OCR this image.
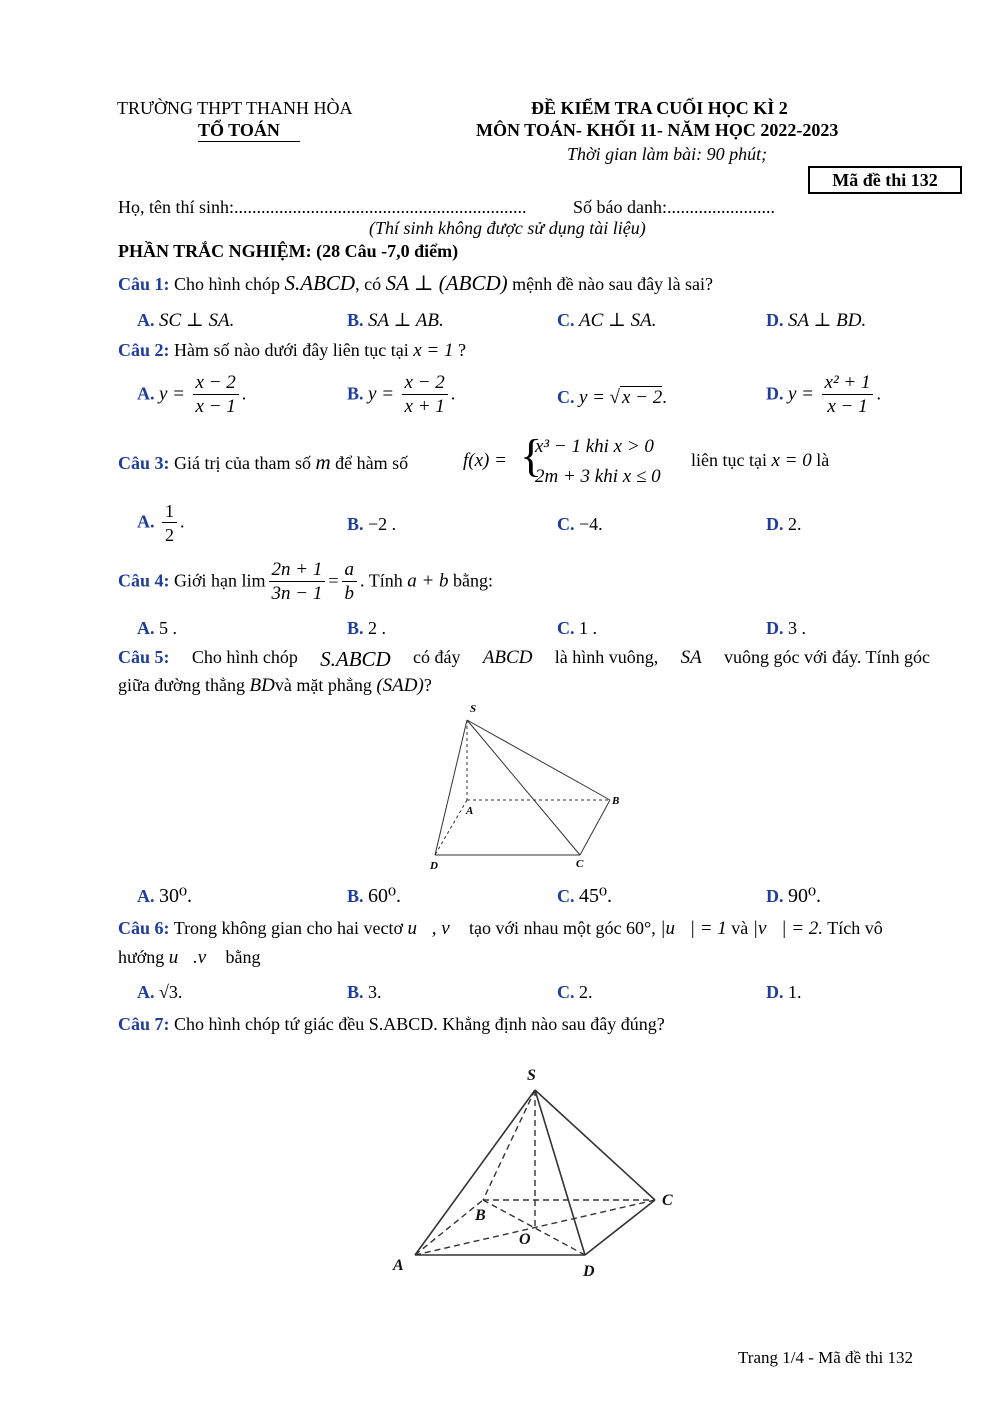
TRƯỜNG THPT THANH HÒA
TỔ TOÁN
ĐỀ KIỂM TRA CUỐI HỌC KÌ 2
MÔN TOÁN- KHỐI 11- NĂM HỌC 2022-2023
Thời gian làm bài: 90 phút;
Mã đề thi 132
Họ, tên thí sinh:.................................................................	Số báo danh:........................
(Thí sinh không được sử dụng tài liệu)
PHẦN TRẮC NGHIỆM: (28 Câu -7,0 điểm)
Câu 1: Cho hình chóp S.ABCD, có SA ⊥ (ABCD) mệnh đề nào sau đây là sai?
A. SC ⊥ SA.	B. SA ⊥ AB.	C. AC ⊥ SA.	D. SA ⊥ BD.
Câu 2: Hàm số nào dưới đây liên tục tại x = 1 ?
A. $y = \frac{x - 2}{x - 1}$ .	B. $y = \frac{x - 2}{x + 1}$ .	C. y = √ x − 2.	D. $y = \frac{\text{x² + 1}}{x - 1}$ .
Câu 3: Giá trị của tham số m để hàm số	f(x) = {
x³ − 1 khi x > 0
2m + 3 khi x ≤ 0
liên tục tại x = 0 là
A. $\frac{1}{2}$ .	B. −2 .	C. −4.	D. 2.
Câu 4: Giới hạn $\lim \frac{2n + 1}{3n - 1} = \frac{a}{b}$ . Tính a + b bằng:
A. 5 .	B. 2 .	C. 1 .	D. 3 .
Câu 5: Cho hình chóp S.ABCD có đáy ABCD là hình vuông, SA vuông góc với đáy. Tính góc
giữa đường thẳng BDvà mặt phẳng (SAD)?
S
A
B
C
D
A. 30⁰.	B. 60⁰.	C. 45⁰.	D. 90⁰.
Câu 6: Trong không gian cho hai vectơ u⃗, v⃗ tạo với nhau một góc 60°, |u⃗| = 1 và |v⃗| = 2. Tích vô
hướng u⃗.v⃗ bằng
A. √3.	B. 3.	C. 2.	D. 1.
Câu 7: Cho hình chóp tứ giác đều S.ABCD. Khẳng định nào sau đây đúng?
S
A
B
C
D
O
Trang 1/4 - Mã đề thi 132
